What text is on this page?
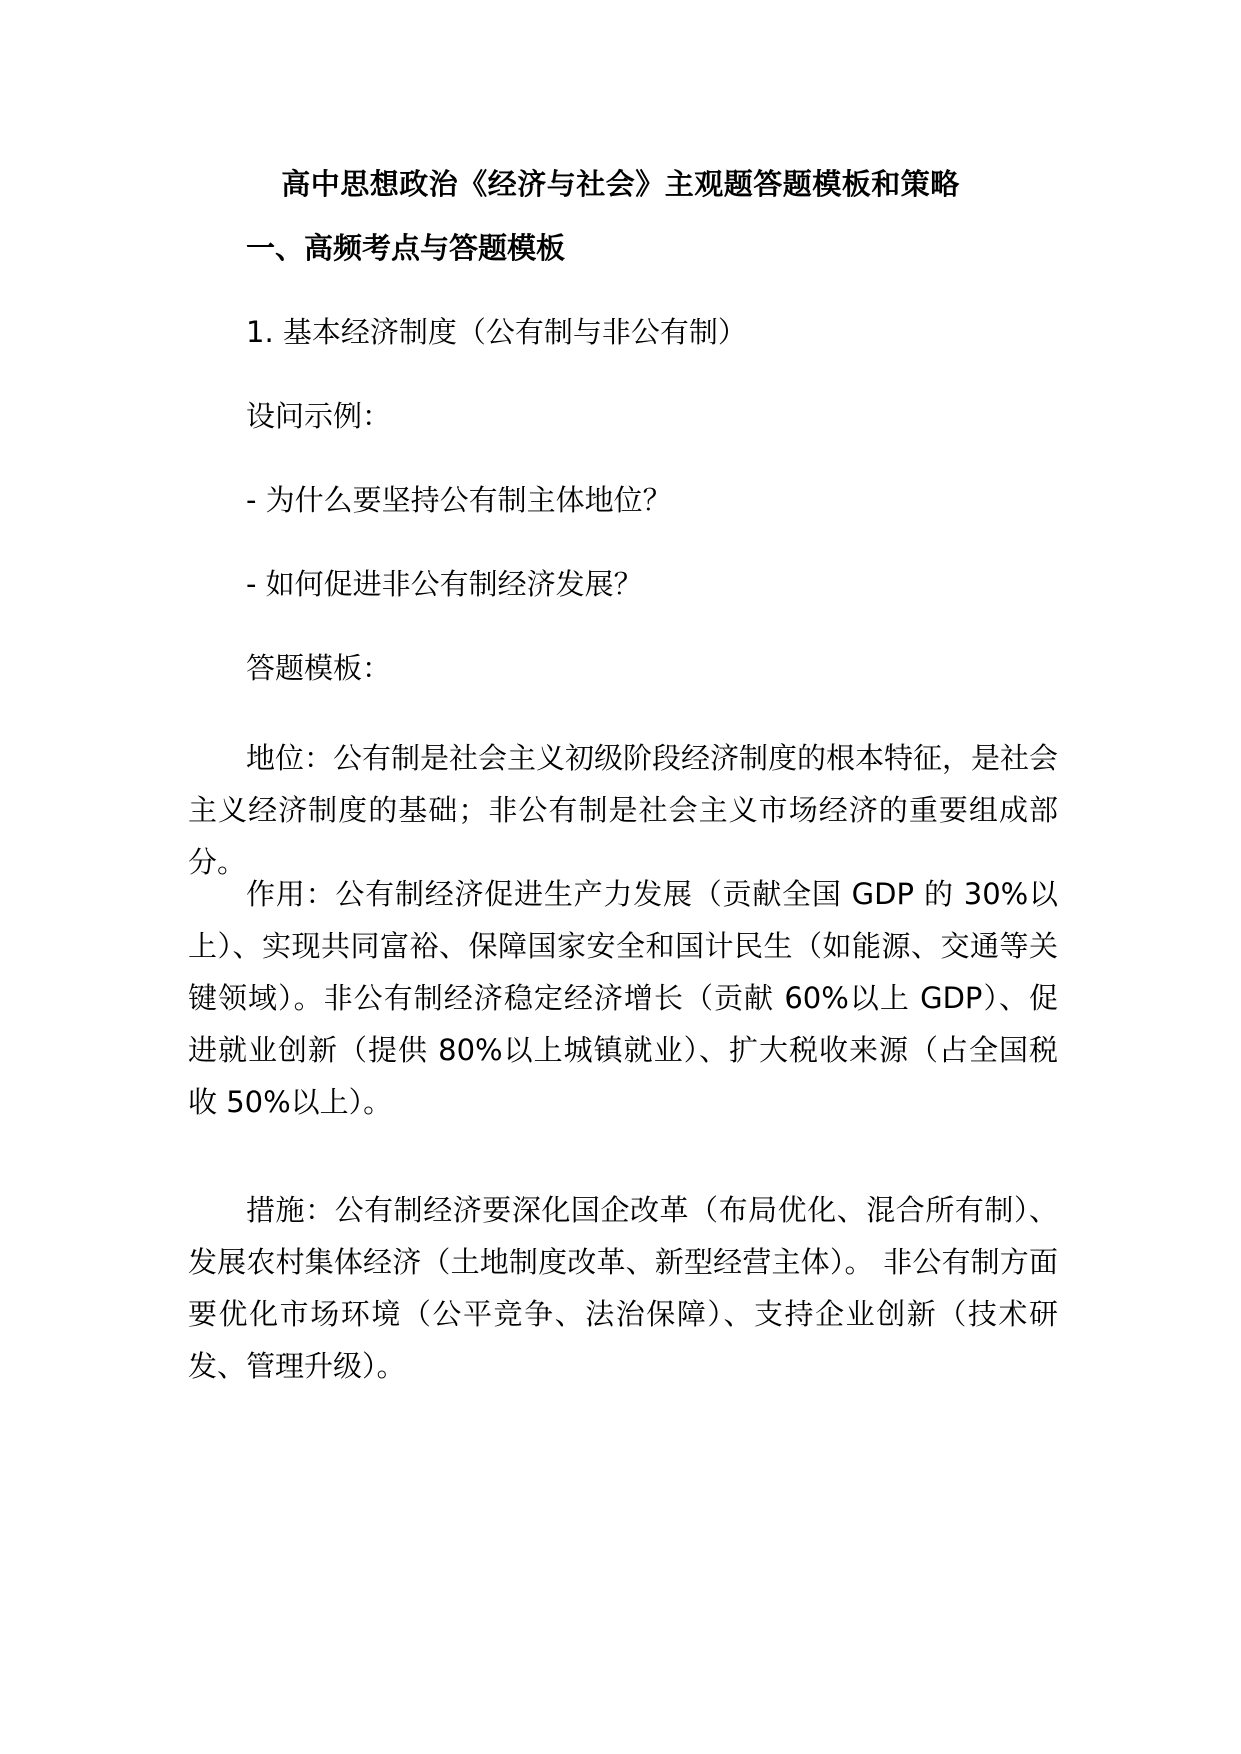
高中思想政治《经济与社会》主观题答题模板和策略
一、高频考点与答题模板
1. 基本经济制度（公有制与非公有制）
设问示例：
- 为什么要坚持公有制主体地位？
- 如何促进非公有制经济发展？
答题模板：
地位：公有制是社会主义初级阶段经济制度的根本特征，是社会主义经济制度的基础；非公有制是社会主义市场经济的重要组成部分。
作用：公有制经济促进生产力发展（贡献全国 GDP 的 30%以上）、实现共同富裕、保障国家安全和国计民生（如能源、交通等关键领域）。非公有制经济稳定经济增长（贡献 60%以上 GDP）、促进就业创新（提供 80%以上城镇就业）、扩大税收来源（占全国税收 50%以上）。
措施：公有制经济要深化国企改革（布局优化、混合所有制）、发展农村集体经济（土地制度改革、新型经营主体）。 非公有制方面要优化市场环境（公平竞争、法治保障）、支持企业创新（技术研发、管理升级）。
